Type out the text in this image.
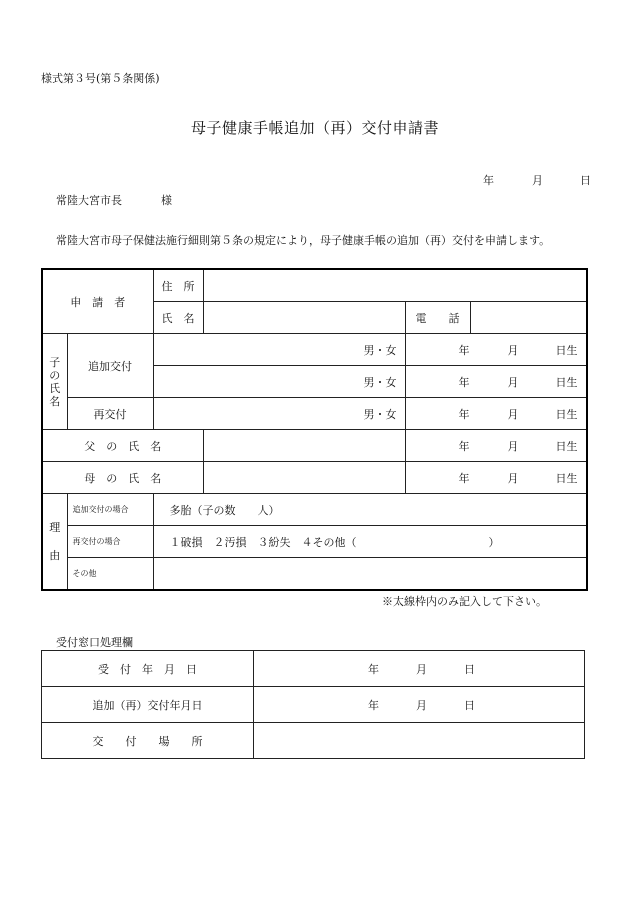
様式第３号(第５条関係)
母子健康手帳追加（再）交付申請書
年	月	日
常陸大宮市長	様
常陸大宮市母子保健法施行細則第５条の規定により，母子健康手帳の追加（再）交付を申請します。
申　請　者		住　所			
		氏　名		電　　話	

子の氏名	追加交付	男・女		年 月 日生	

		男・女		年 月 日生	

	再交付	男・女		年 月 日生	

父　の　氏　名				年 月 日生	

母　の　氏　名				年 月 日生	

理

由	追加交付の場合	多胎（子の数　　人）			
	再交付の場合	１破損　２汚損　３紛失　４その他（　　　　　　　　　　　　）			
	その他				
※太線枠内のみ記入して下さい。
受付窓口処理欄
受　付　年　月　日	年 月 日

追加（再）交付年月日	年 月 日

交　　付　　場　　所	
